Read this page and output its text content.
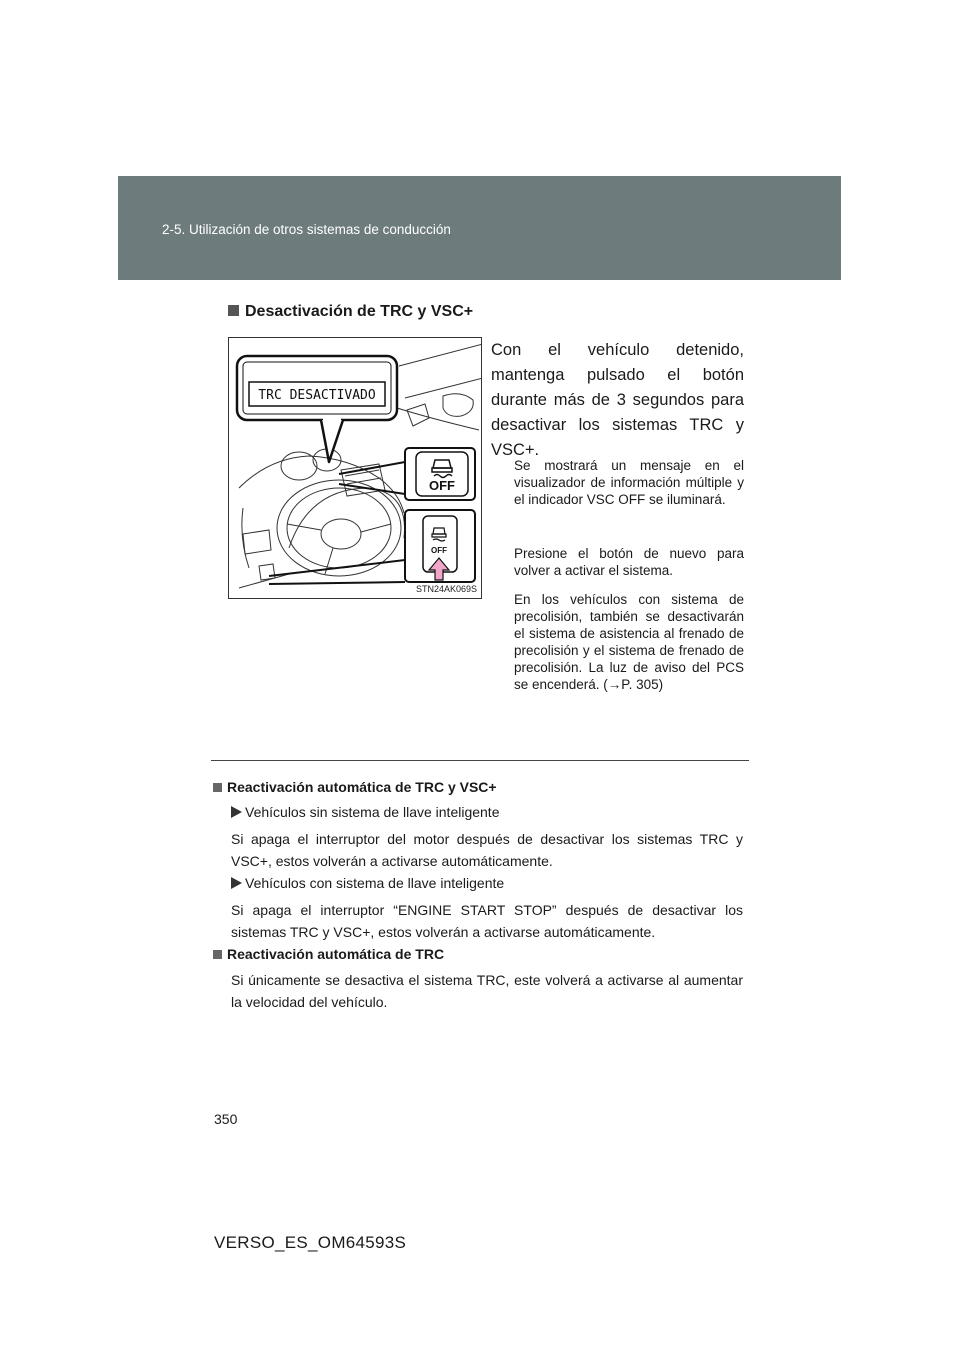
2-5. Utilización de otros sistemas de conducción
Desactivación de TRC y VSC+
TRC DESACTIVADO
OFF
OFF
STN24AK069S
Con el vehículo detenido, mantenga pulsado el botón durante más de 3 segundos para desactivar los sistemas TRC y VSC+.
Se mostrará un mensaje en el visualizador de información múltiple y el indicador VSC OFF se iluminará.
Presione el botón de nuevo para volver a activar el sistema.
En los vehículos con sistema de precolisión, también se desactivarán el sistema de asistencia al frenado de precolisión y el sistema de frenado de precolisión. La luz de aviso del PCS se encenderá. (→P. 305)
Reactivación automática de TRC y VSC+
Vehículos sin sistema de llave inteligente
Si apaga el interruptor del motor después de desactivar los sistemas TRC y VSC+, estos volverán a activarse automáticamente.
Vehículos con sistema de llave inteligente
Si apaga el interruptor “ENGINE START STOP” después de desactivar los sistemas TRC y VSC+, estos volverán a activarse automáticamente.
Reactivación automática de TRC
Si únicamente se desactiva el sistema TRC, este volverá a activarse al aumentar la velocidad del vehículo.
350
VERSO_ES_OM64593S
